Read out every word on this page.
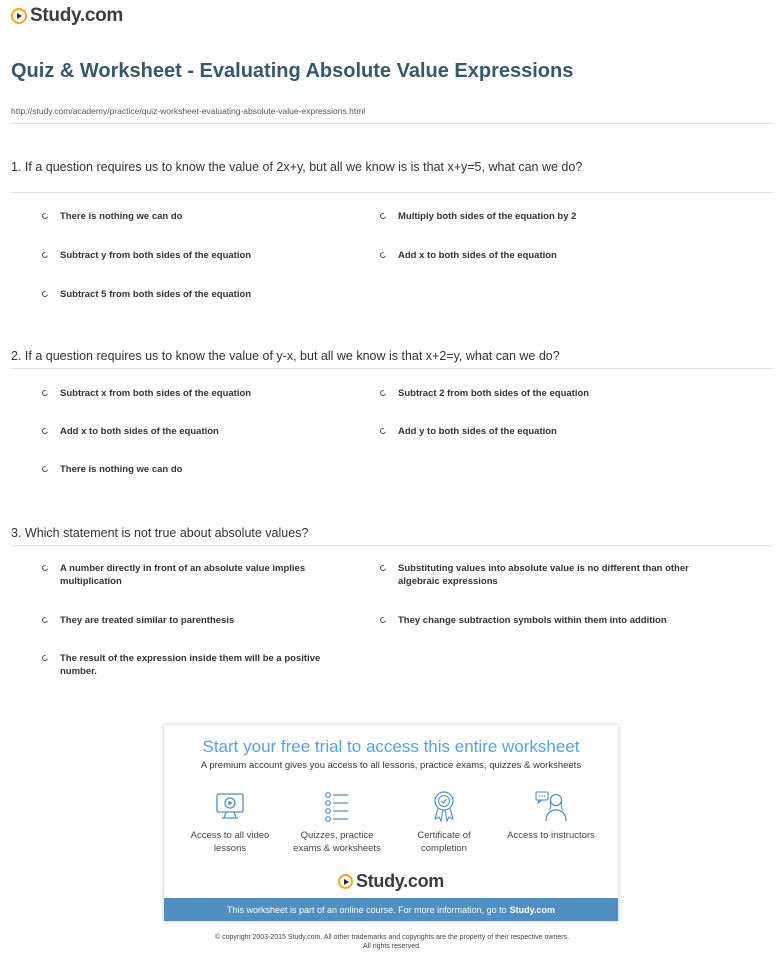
Study.com
Quiz & Worksheet - Evaluating Absolute Value Expressions
http://study.com/academy/practice/quiz-worksheet-evaluating-absolute-value-expressions.html
1. If a question requires us to know the value of 2x+y, but all we know is is that x+y=5, what can we do?
There is nothing we can do	Multiply both sides of the equation by 2
Subtract y from both sides of the equation	Add x to both sides of the equation
Subtract 5 from both sides of the equation
2. If a question requires us to know the value of y-x, but all we know is that x+2=y, what can we do?
Subtract x from both sides of the equation	Subtract 2 from both sides of the equation
Add x to both sides of the equation	Add y to both sides of the equation
There is nothing we can do
3. Which statement is not true about absolute values?
A number directly in front of an absolute value implies multiplication
Substituting values into absolute value is no different than other algebraic expressions
They are treated similar to parenthesis	They change subtraction symbols within them into addition
The result of the expression inside them will be a positive number.
Start your free trial to access this entire worksheet
A premium account gives you access to all lessons, practice exams, quizzes & worksheets
Access to all video lessons
Quizzes, practice exams & worksheets
Certificate of completion
Access to instructors
Study.com
This worksheet is part of an online course. For more information, go to Study.com
© copyright 2003-2015 Study.com. All other trademarks and copyrights are the property of their respective owners.
All rights reserved.
